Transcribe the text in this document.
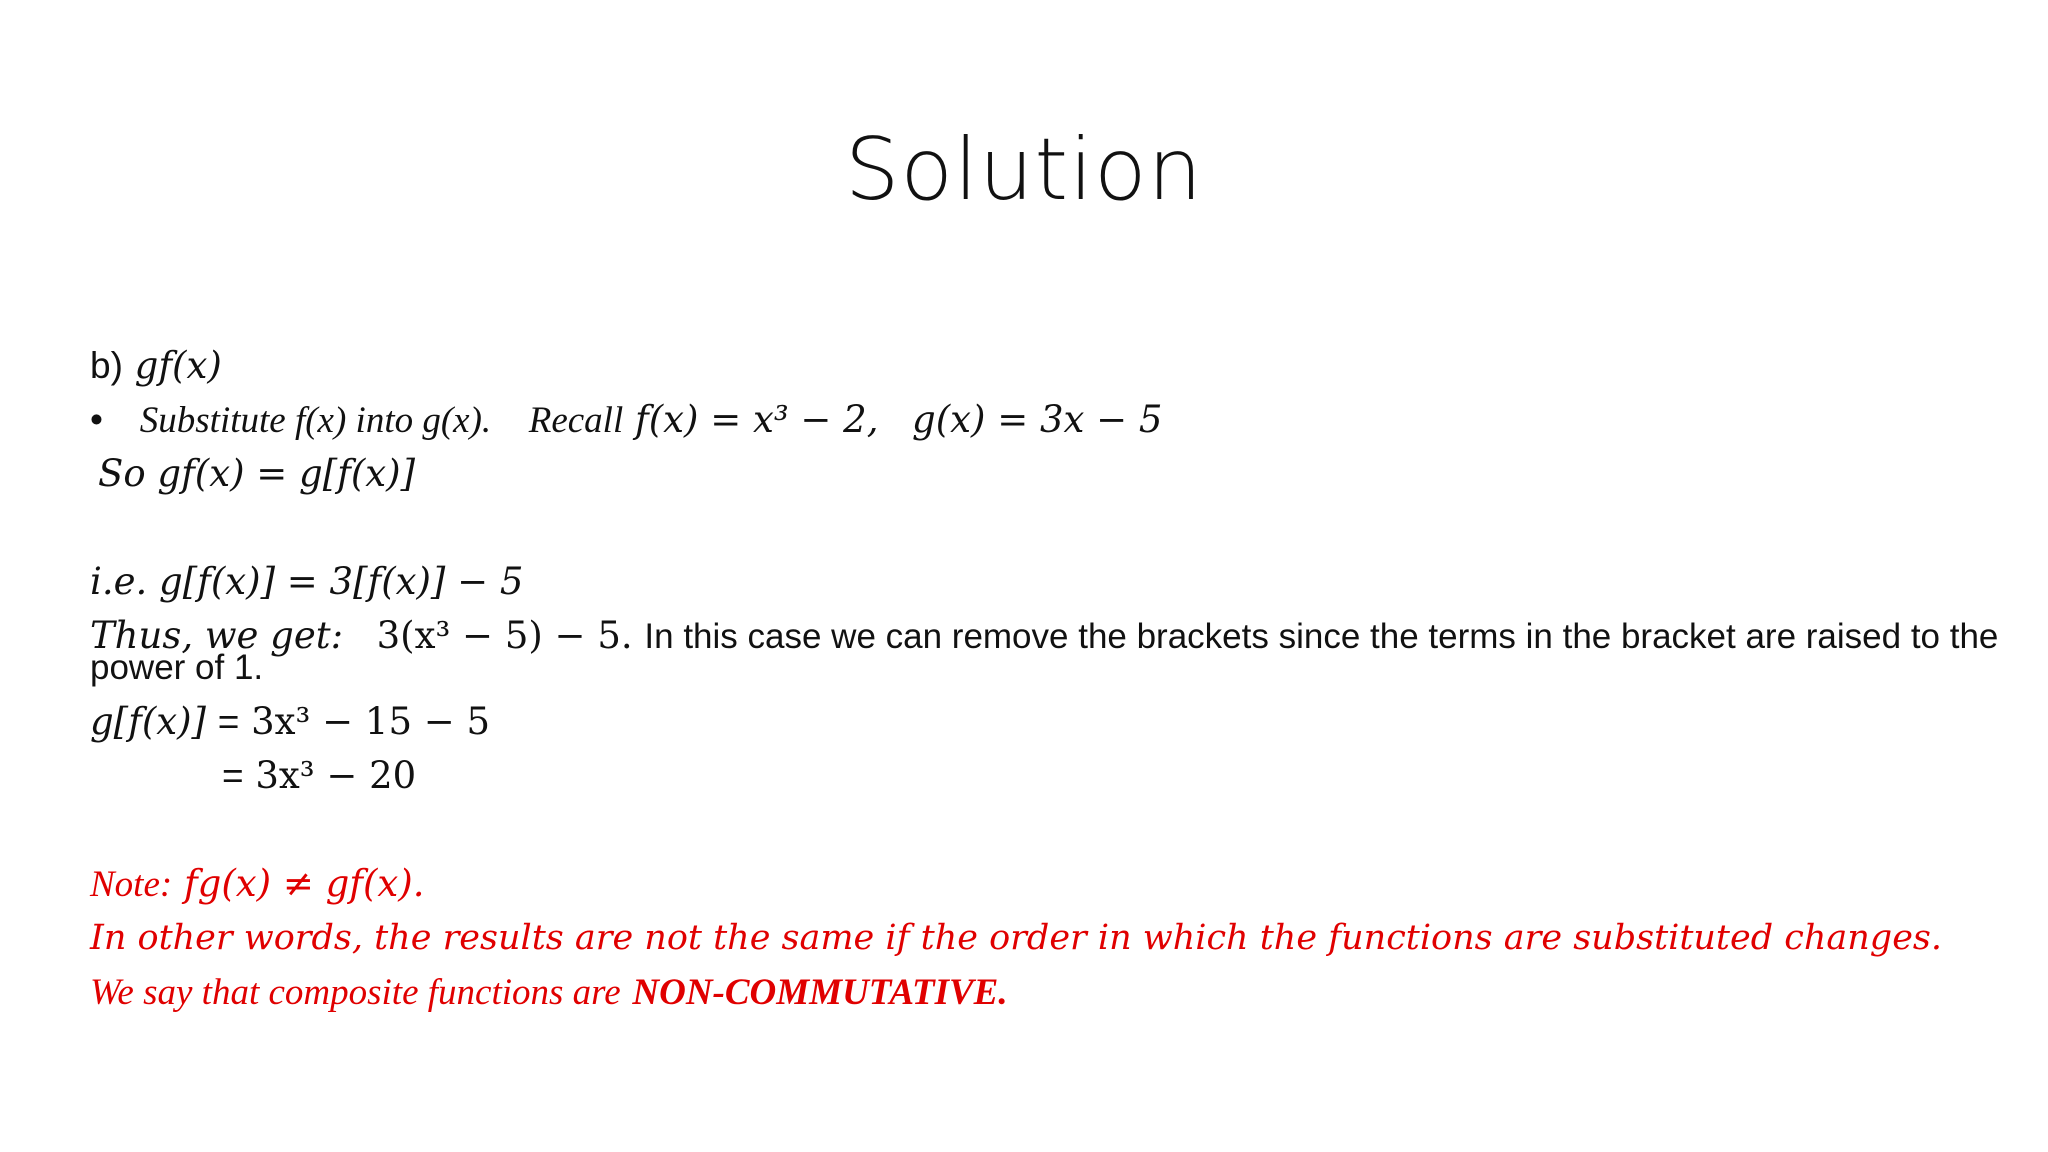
Solution
b) gf(x)
• Substitute f(x) into g(x). Recall f(x) = x³ − 2, g(x) = 3x − 5
So gf(x) = g[f(x)]
i.e. g[f(x)] = 3[f(x)] − 5
Thus, we get: 3(x³ − 5) − 5. In this case we can remove the brackets since the terms in the bracket are raised to the
power of 1.
g[f(x)] = 3x³ − 15 − 5
= 3x³ − 20
Note: fg(x) ≠ gf(x).
In other words, the results are not the same if the order in which the functions are substituted changes.
We say that composite functions are NON-COMMUTATIVE.
